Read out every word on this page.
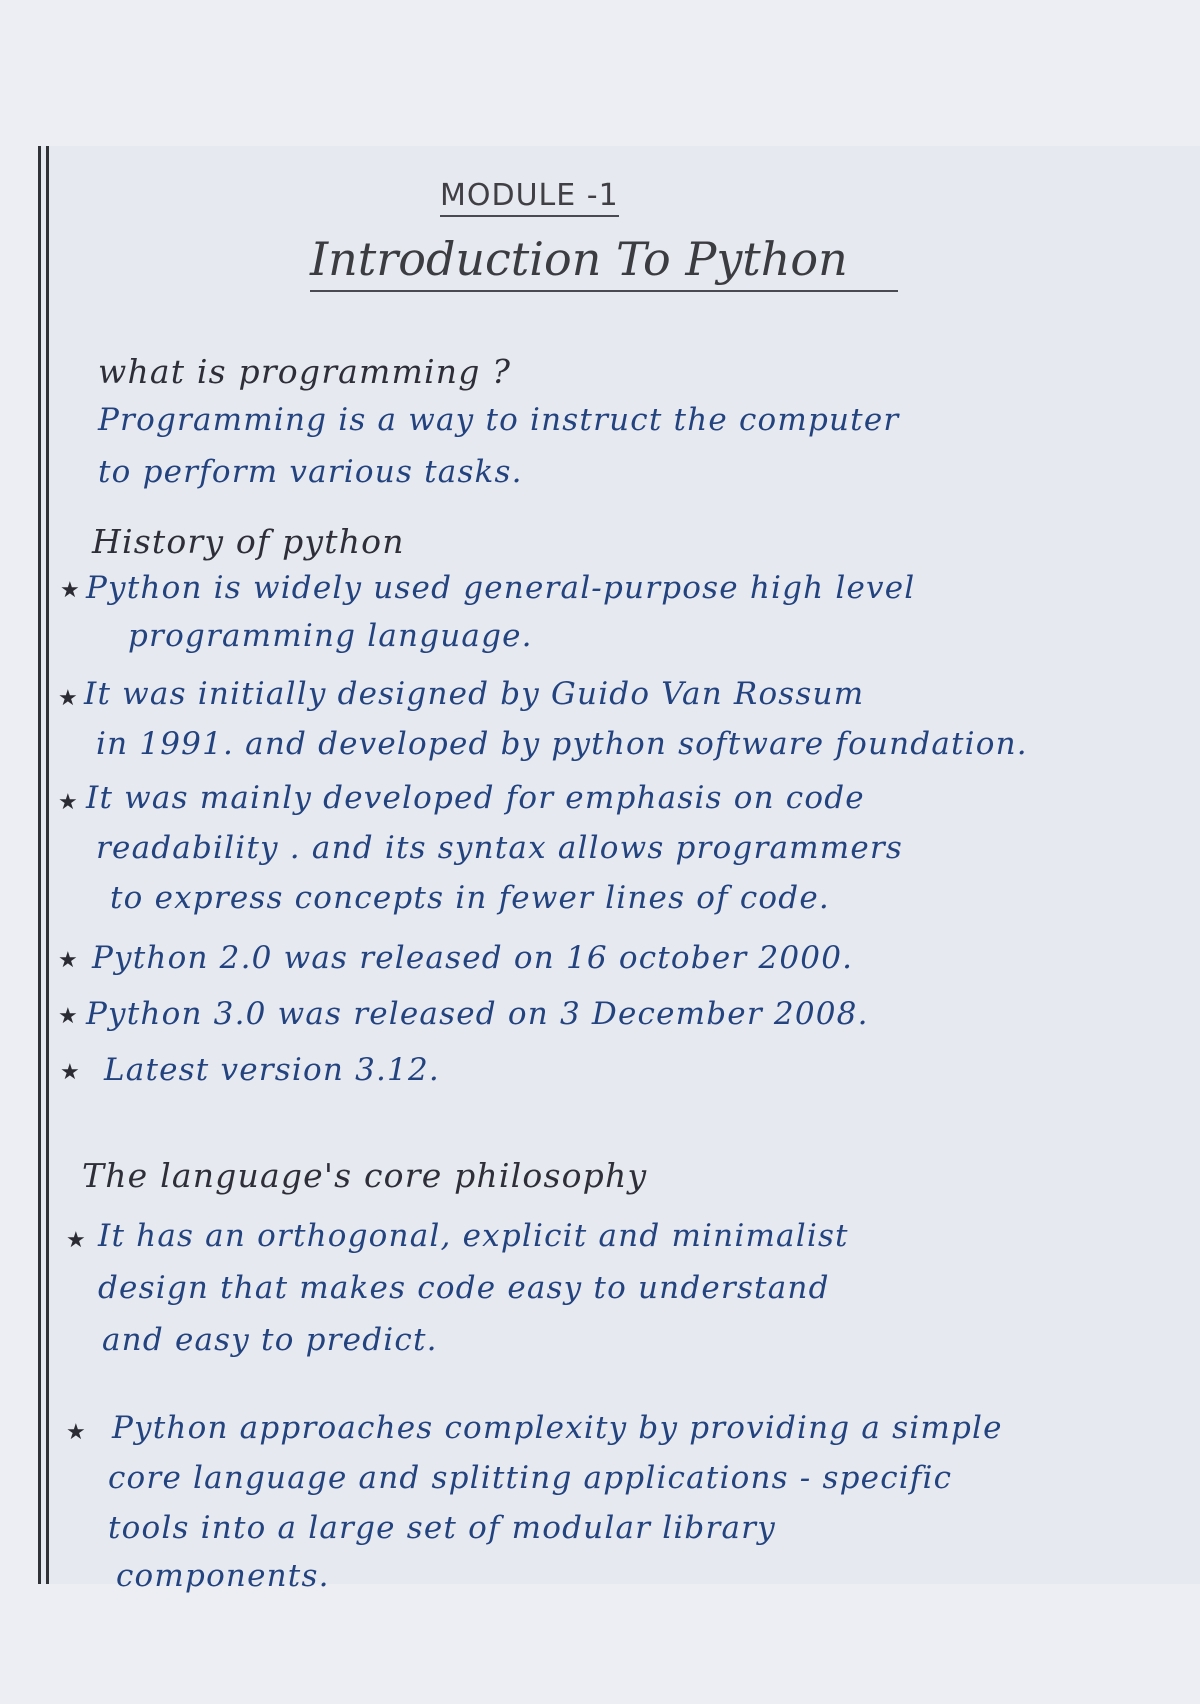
MODULE -1
Introduction To Python
what is programming ?
Programming is a way to instruct the computer
to perform various tasks.
History of python
★ Python is widely used general-purpose high level
programming language.
★ It was initially designed by Guido Van Rossum
in 1991. and developed by python software foundation.
★ It was mainly developed for emphasis on code
readability . and its syntax allows programmers
to express concepts in fewer lines of code.
★ Python 2.0 was released on 16 october 2000.
★ Python 3.0 was released on 3 December 2008.
★ Latest version 3.12.
The language's core philosophy
★ It has an orthogonal, explicit and minimalist
design that makes code easy to understand
and easy to predict.
★ Python approaches complexity by providing a simple
core language and splitting applications - specific
tools into a large set of modular library
components.
